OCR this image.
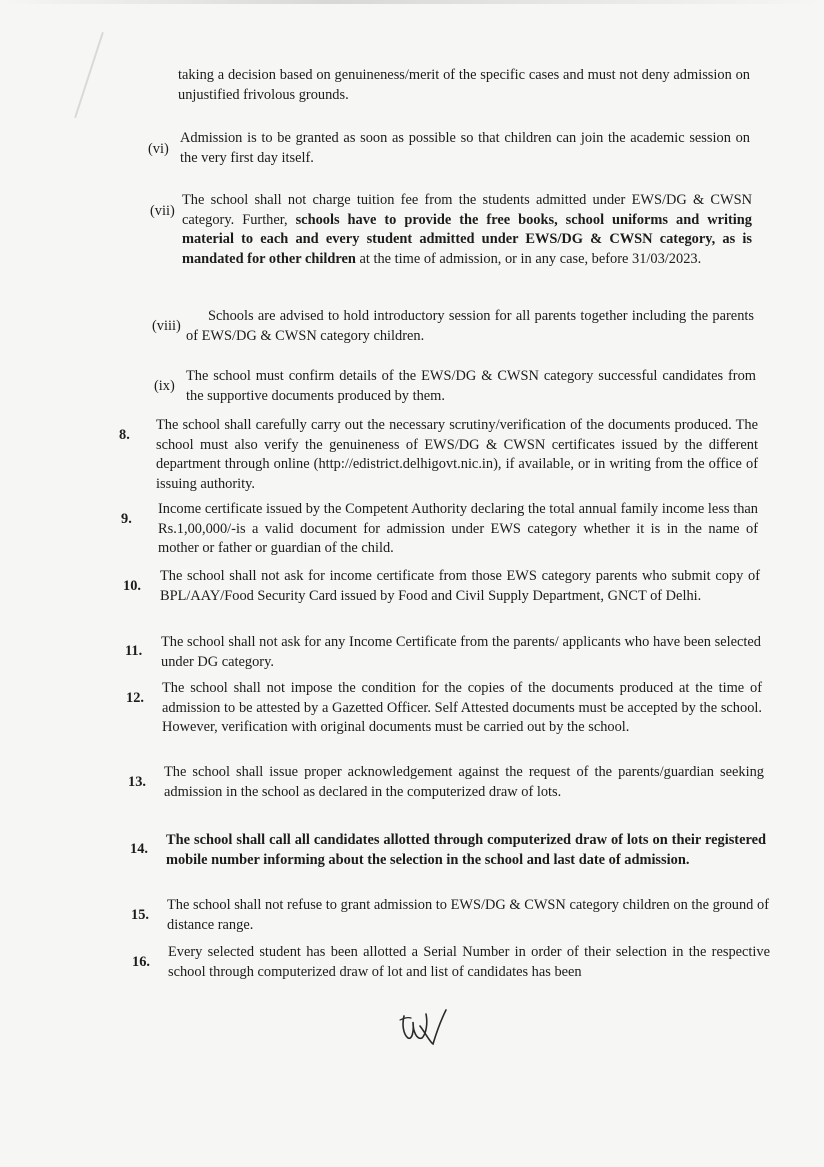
taking a decision based on genuineness/merit of the specific cases and must not deny admission on unjustified frivolous grounds.

(vi)

Admission is to be granted as soon as possible so that children can join the academic session on the very first day itself.

(vii)

The school shall not charge tuition fee from the students admitted under EWS/DG & CWSN category. Further, schools have to provide the free books, school uniforms and writing material to each and every student admitted under EWS/DG & CWSN category, as is mandated for other children at the time of admission, or in any case, before 31/03/2023.

(viii)

Schools are advised to hold introductory session for all parents together including the parents of EWS/DG & CWSN category children.

(ix)

The school must confirm details of the EWS/DG & CWSN category successful candidates from the supportive documents produced by them.

8.

The school shall carefully carry out the necessary scrutiny/verification of the documents produced. The school must also verify the genuineness of EWS/DG & CWSN certificates issued by the different department through online (http://edistrict.delhigovt.nic.in), if available, or in writing from the office of issuing authority.

9.

Income certificate issued by the Competent Authority declaring the total annual family income less than Rs.1,00,000/-is a valid document for admission under EWS category whether it is in the name of mother or father or guardian of the child.

10.

The school shall not ask for income certificate from those EWS category parents who submit copy of BPL/AAY/Food Security Card issued by Food and Civil Supply Department, GNCT of Delhi.

11.

The school shall not ask for any Income Certificate from the parents/ applicants who have been selected under DG category.

12.

The school shall not impose the condition for the copies of the documents produced at the time of admission to be attested by a Gazetted Officer. Self Attested documents must be accepted by the school. However, verification with original documents must be carried out by the school.

13.

The school shall issue proper acknowledgement against the request of the parents/guardian seeking admission in the school as declared in the computerized draw of lots.

14.

The school shall call all candidates allotted through computerized draw of lots on their registered mobile number informing about the selection in the school and last date of admission.

15.

The school shall not refuse to grant admission to EWS/DG & CWSN category children on the ground of distance range.

16.

Every selected student has been allotted a Serial Number in order of their selection in the respective school through computerized draw of lot and list of candidates has been
